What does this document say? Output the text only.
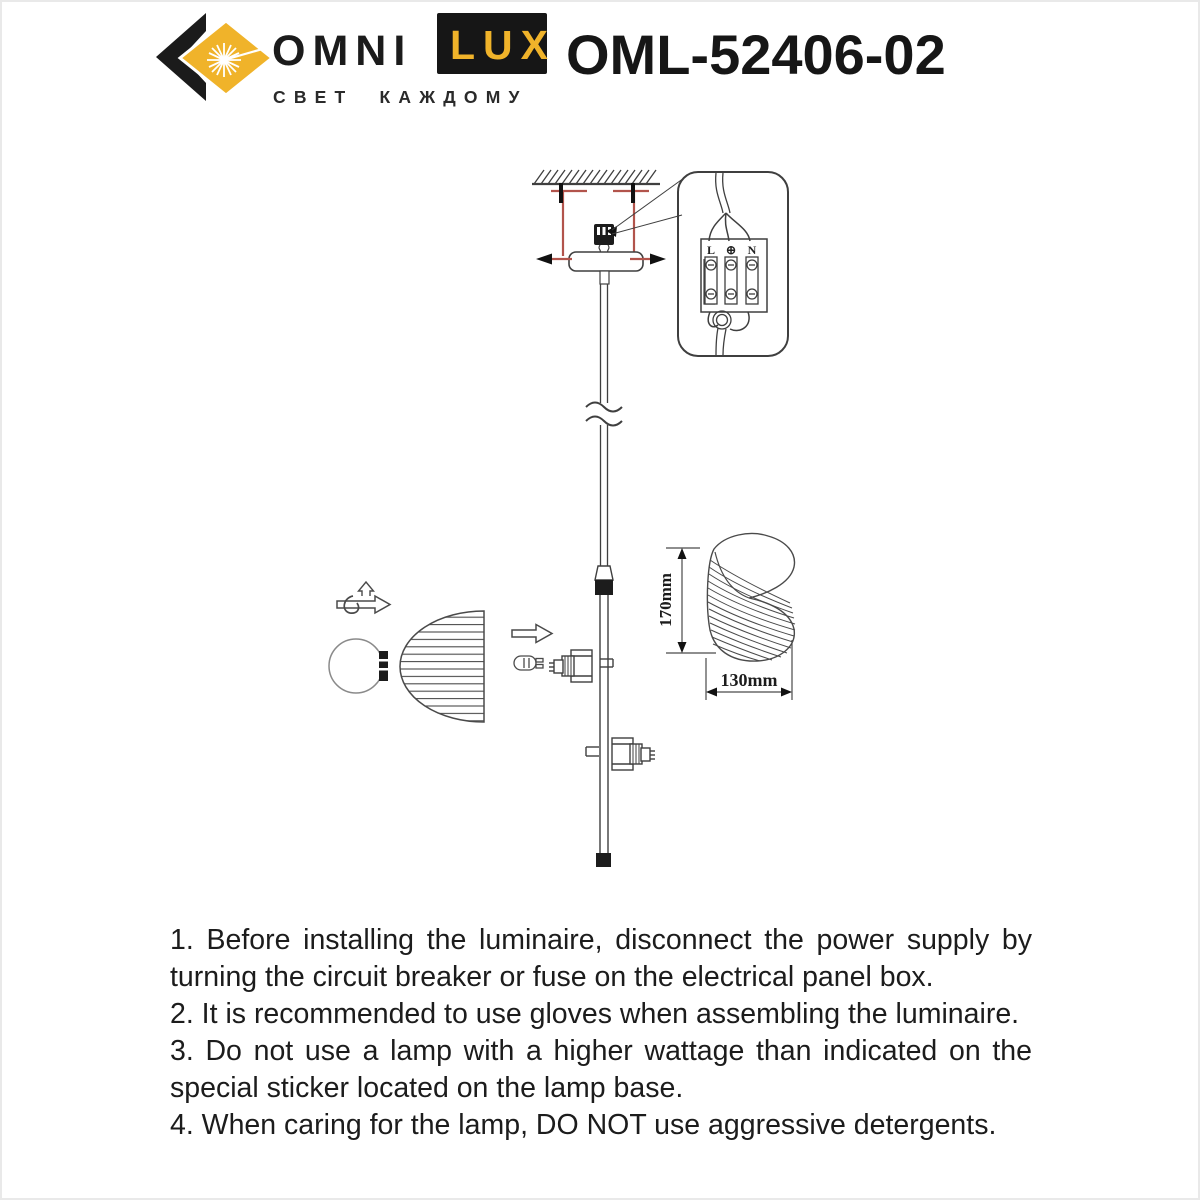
OMNI LUX
СВЕТ КАЖДОМУ
OML-52406-02
L ⊕ N
170mm
130mm

1. Before installing the luminaire, disconnect the power supply by turning the circuit breaker or fuse on the electrical panel box.

2. It is recommended to use gloves when assembling the luminaire.

3. Do not use a lamp with a higher wattage than indicated on the special sticker located on the lamp base.

4. When caring for the lamp, DO NOT use aggressive detergents.
